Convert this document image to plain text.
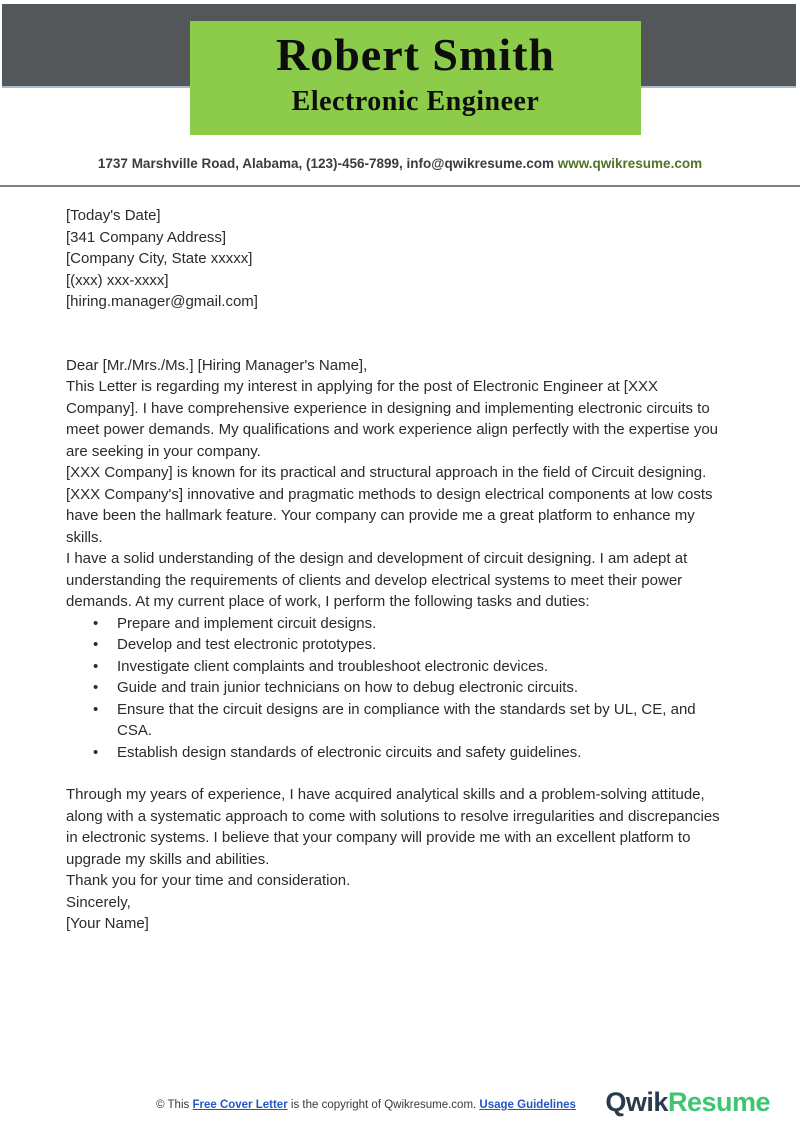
Robert Smith
Electronic Engineer
1737 Marshville Road, Alabama, (123)-456-7899, info@qwikresume.com www.qwikresume.com

[Today's Date]

[341 Company Address]

[Company City, State xxxxx]

[(xxx) xxx-xxxx]

[hiring.manager@gmail.com]

Dear [Mr./Mrs./Ms.] [Hiring Manager's Name],

This Letter is regarding my interest in applying for the post of Electronic Engineer at [XXX Company]. I have comprehensive experience in designing and implementing electronic circuits to meet power demands. My qualifications and work experience align perfectly with the expertise you are seeking in your company.

[XXX Company] is known for its practical and structural approach in the field of Circuit designing. [XXX Company's] innovative and pragmatic methods to design electrical components at low costs have been the hallmark feature. Your company can provide me a great platform to enhance my skills.

I have a solid understanding of the design and development of circuit designing. I am adept at understanding the requirements of clients and develop electrical systems to meet their power demands. At my current place of work, I perform the following tasks and duties:

• Prepare and implement circuit designs.
• Develop and test electronic prototypes.
• Investigate client complaints and troubleshoot electronic devices.
• Guide and train junior technicians on how to debug electronic circuits.
• Ensure that the circuit designs are in compliance with the standards set by UL, CE, and CSA.
• Establish design standards of electronic circuits and safety guidelines.

Through my years of experience, I have acquired analytical skills and a problem-solving attitude, along with a systematic approach to come with solutions to resolve irregularities and discrepancies in electronic systems. I believe that your company will provide me with an excellent platform to upgrade my skills and abilities.

Thank you for your time and consideration.

Sincerely,

[Your Name]

© This Free Cover Letter is the copyright of Qwikresume.com. Usage Guidelines	QwikResume
